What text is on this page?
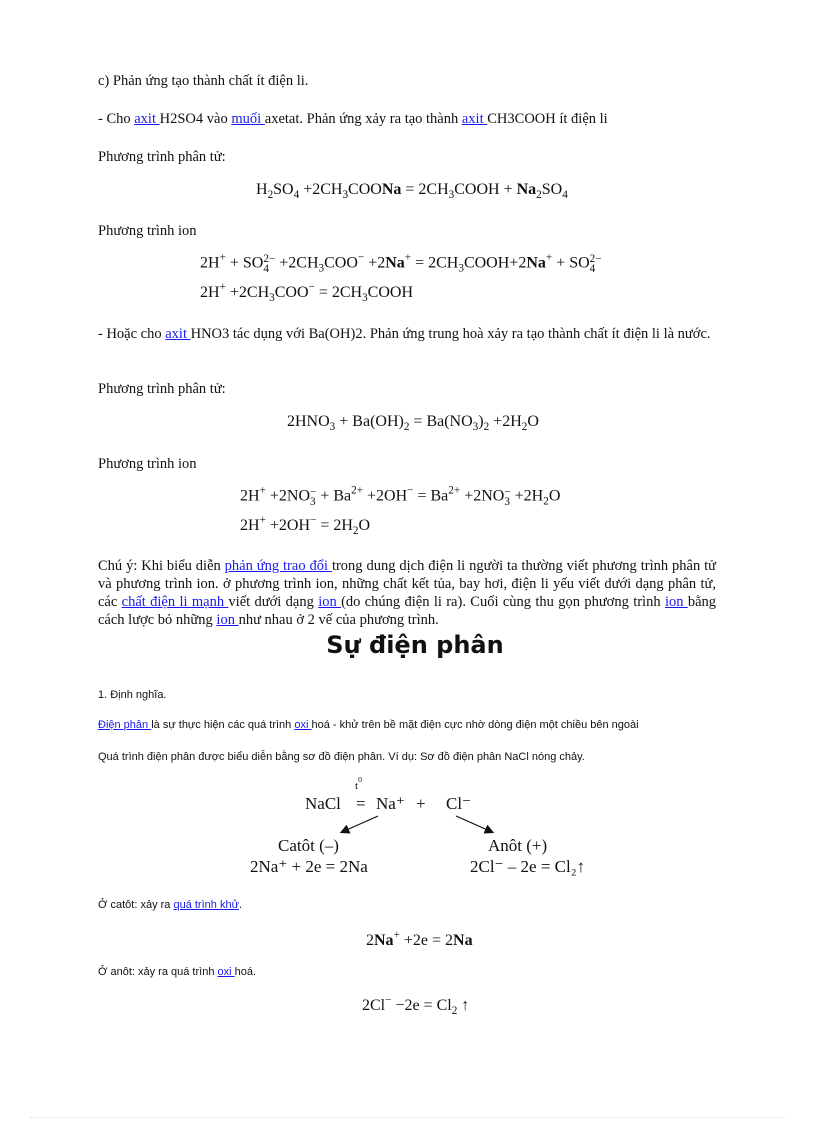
c) Phản ứng tạo thành chất ít điện li.
- Cho axit H2SO4 vào muối axetat. Phản ứng xảy ra tạo thành axit CH3COOH ít điện li
Phương trình phân tử:
$H_2SO_4$ $+2CH_3COONa$ = $2CH_3COOH + Na_2SO_4$
Phương trình ion
2H+ + SO 2−
$4 +2CH_3COO^- +2Na^+$ = $2CH_3COOH+2Na^+$ + SO 2−
4
$2H^+ +2CH_3COO^-$ = $2CH_3COOH$
- Hoặc cho axit HNO3 tác dụng với Ba(OH)2. Phản ứng trung hoà xảy ra tạo thành chất ít điện li là nước.
Phương trình phân tử:
$2HNO_3 + Ba(OH)_2 = Ba(NO_3)_2 +2H_2O$
Phương trình ion
2H+ +2NO −
$3 + Ba^{2+} +2OH^- = Ba^{2+} +2NO$ −
$3 +2H_2O$
$2H^+ +2OH^- = 2H_2O$
Chú ý: Khi biểu diễn phản ứng trao đổi trong dung dịch điện li người ta thường viết phương trình phân tử và phương trình ion. ở phương trình ion, những chất kết tủa, bay hơi, điện li yếu viết dưới dạng phân tử, các chất điện li mạnh viết dưới dạng ion (do chúng điện li ra). Cuối cùng thu gọn phương trình ion bằng cách lược bỏ những ion như nhau ở 2 vế của phương trình.
Sự điện phân
1. Định nghĩa.
Điện phân là sự thực hiện các quá trình oxi hoá - khử trên bề mặt điện cực nhờ dòng điện một chiều bên ngoài
Quá trình điện phân được biểu diễn bằng sơ đồ điện phân. Ví dụ: Sơ đồ điện phân NaCl nóng chảy.
NaCl
$t^0$
= Na⁺ + Cl⁻
Catôt (–)
2Na⁺ + 2e = 2Na
Anôt (+)
2Cl⁻ – 2e = Cl₂↑
Ở catôt: xảy ra quá trình khử.
2Na+ +2e = 2Na
Ở anôt: xảy ra quá trình oxi hoá.
$2Cl^- -2e = Cl_2$ ↑
